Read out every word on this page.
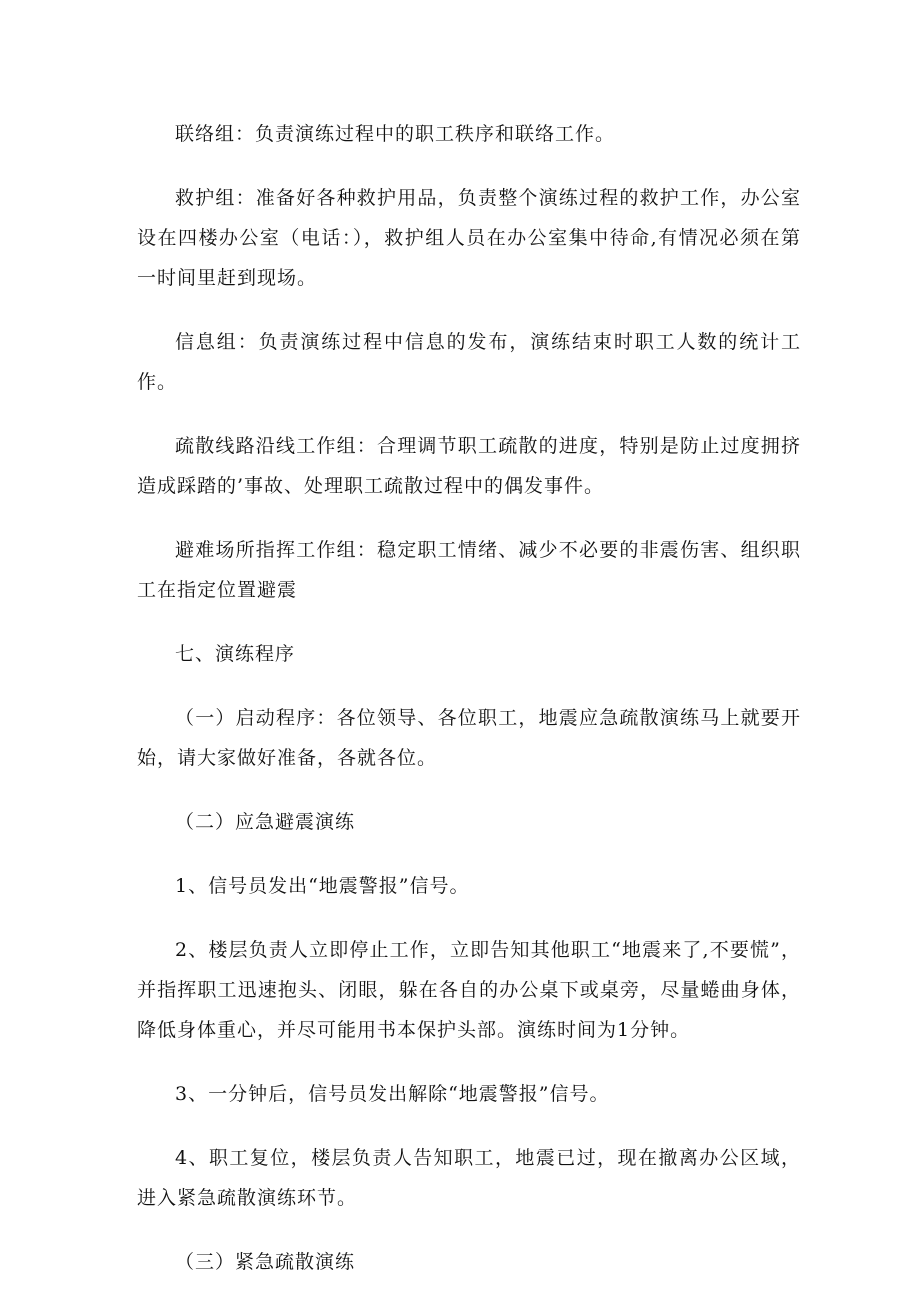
联络组：负责演练过程中的职工秩序和联络工作。

救护组：准备好各种救护用品，负责整个演练过程的救护工作，办公室设在四楼办公室（电话：），救护组人员在办公室集中待命,有情况必须在第一时间里赶到现场。

信息组：负责演练过程中信息的发布，演练结束时职工人数的统计工作。

疏散线路沿线工作组：合理调节职工疏散的进度，特别是防止过度拥挤造成踩踏的’事故、处理职工疏散过程中的偶发事件。

避难场所指挥工作组：稳定职工情绪、减少不必要的非震伤害、组织职工在指定位置避震

七、演练程序

（一）启动程序：各位领导、各位职工，地震应急疏散演练马上就要开始，请大家做好准备，各就各位。

（二）应急避震演练

1、信号员发出“地震警报”信号。

2、楼层负责人立即停止工作，立即告知其他职工“地震来了,不要慌”，并指挥职工迅速抱头、闭眼，躲在各自的办公桌下或桌旁，尽量蜷曲身体，降低身体重心，并尽可能用书本保护头部。演练时间为1分钟。

3、一分钟后，信号员发出解除“地震警报”信号。

4、职工复位，楼层负责人告知职工，地震已过，现在撤离办公区域，进入紧急疏散演练环节。

（三）紧急疏散演练
